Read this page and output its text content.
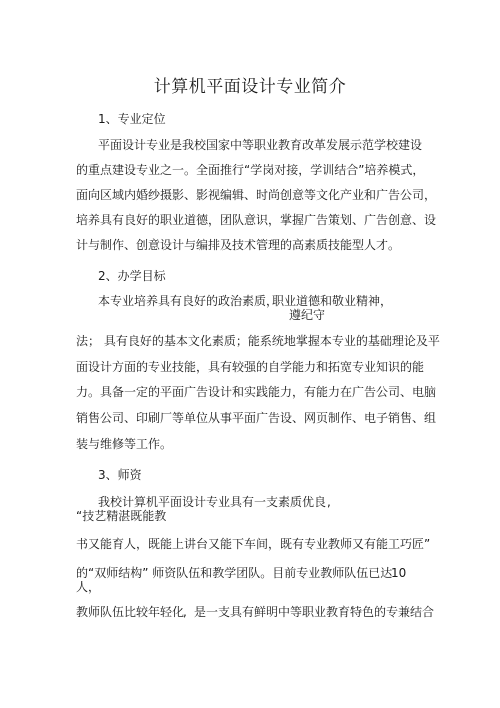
计算机平面设计专业简介
1、专业定位
平面设计专业是我校国家中等职业教育改革发展示范学校建设
的重点建设专业之一。全面推行“学岗对接，学训结合”培养模式，
面向区域内婚纱摄影、影视编辑、时尚创意等文化产业和广告公司，
培养具有良好的职业道德，团队意识，掌握广告策划、广告创意、设
计与制作、创意设计与编排及技术管理的高素质技能型人才。
2、办学目标
本专业培养具有良好的政治素质，
职业道德和敬业精神，
遵纪守
法； 具有良好的基本文化素质；能系统地掌握本专业的基础理论及平
面设计方面的专业技能，具有较强的自学能力和拓宽专业知识的能
力。具备一定的平面广告设计和实践能力，有能力在广告公司、电脑
销售公司、印刷厂等单位从事平面广告设、网页制作、电子销售、组
装与维修等工作。
3、师资
我校计算机平面设计专业具有一支素质优良 ,
“技艺精湛既能教
书又能育人，既能上讲台又能下车间，既有专业教师又有能工巧匠”
的“双师结构” 师资队伍和教学团队。目前专业教师队伍已达
10
人，
教师队伍比较年轻化
, 是一支具有鲜明中等职业教育特色的专兼结合
